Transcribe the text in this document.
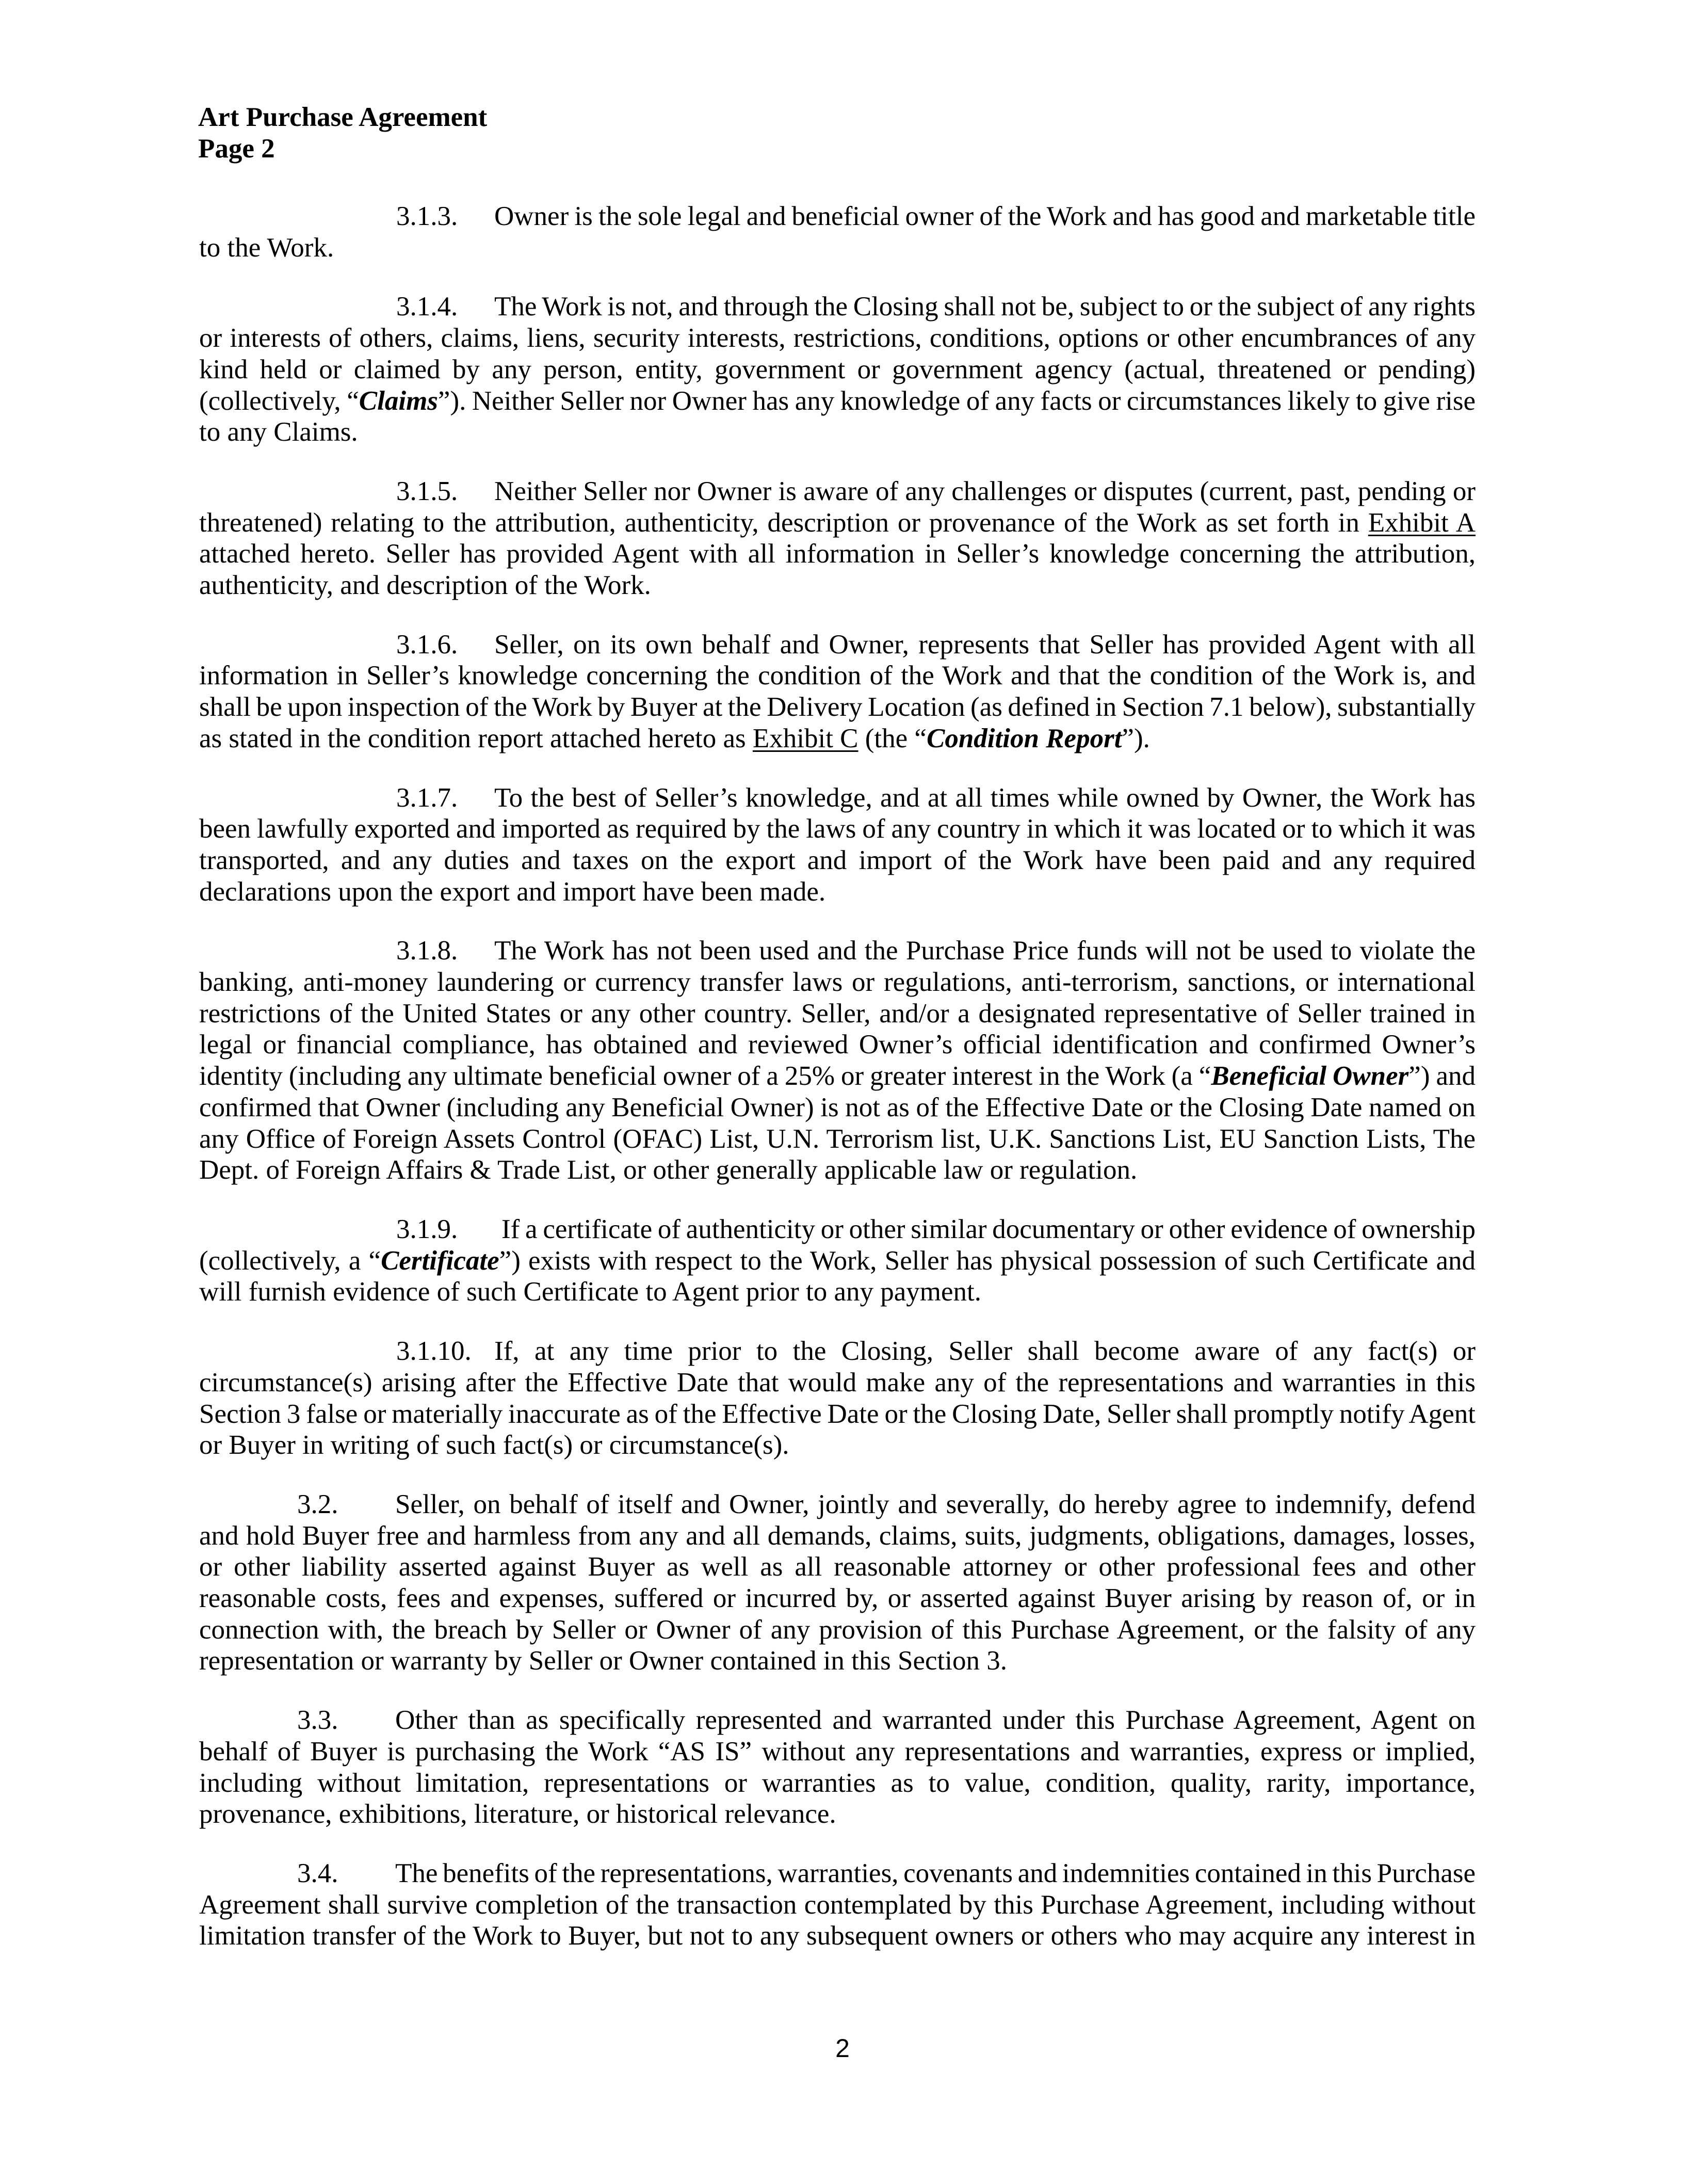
Art Purchase Agreement
Page 2
3.1.3. Owner is the sole legal and beneficial owner of the Work and has good and marketable title
to the Work.
3.1.4. The Work is not, and through the Closing shall not be, subject to or the subject of any rights
or interests of others, claims, liens, security interests, restrictions, conditions, options or other encumbrances of any
kind held or claimed by any person, entity, government or government agency (actual, threatened or pending)
(collectively, “Claims”). Neither Seller nor Owner has any knowledge of any facts or circumstances likely to give rise
to any Claims.
3.1.5. Neither Seller nor Owner is aware of any challenges or disputes (current, past, pending or
threatened) relating to the attribution, authenticity, description or provenance of the Work as set forth in Exhibit A
attached hereto. Seller has provided Agent with all information in Seller’s knowledge concerning the attribution,
authenticity, and description of the Work.
3.1.6. Seller, on its own behalf and Owner, represents that Seller has provided Agent with all
information in Seller’s knowledge concerning the condition of the Work and that the condition of the Work is, and
shall be upon inspection of the Work by Buyer at the Delivery Location (as defined in Section 7.1 below), substantially
as stated in the condition report attached hereto as Exhibit C (the “Condition Report”).
3.1.7. To the best of Seller’s knowledge, and at all times while owned by Owner, the Work has
been lawfully exported and imported as required by the laws of any country in which it was located or to which it was
transported, and any duties and taxes on the export and import of the Work have been paid and any required
declarations upon the export and import have been made.
3.1.8. The Work has not been used and the Purchase Price funds will not be used to violate the
banking, anti-money laundering or currency transfer laws or regulations, anti-terrorism, sanctions, or international
restrictions of the United States or any other country. Seller, and/or a designated representative of Seller trained in
legal or financial compliance, has obtained and reviewed Owner’s official identification and confirmed Owner’s
identity (including any ultimate beneficial owner of a 25% or greater interest in the Work (a “Beneficial Owner”) and
confirmed that Owner (including any Beneficial Owner) is not as of the Effective Date or the Closing Date named on
any Office of Foreign Assets Control (OFAC) List, U.N. Terrorism list, U.K. Sanctions List, EU Sanction Lists, The
Dept. of Foreign Affairs & Trade List, or other generally applicable law or regulation.
3.1.9. If a certificate of authenticity or other similar documentary or other evidence of ownership
(collectively, a “Certificate”) exists with respect to the Work, Seller has physical possession of such Certificate and
will furnish evidence of such Certificate to Agent prior to any payment.
3.1.10. If, at any time prior to the Closing, Seller shall become aware of any fact(s) or
circumstance(s) arising after the Effective Date that would make any of the representations and warranties in this
Section 3 false or materially inaccurate as of the Effective Date or the Closing Date, Seller shall promptly notify Agent
or Buyer in writing of such fact(s) or circumstance(s).
3.2. Seller, on behalf of itself and Owner, jointly and severally, do hereby agree to indemnify, defend
and hold Buyer free and harmless from any and all demands, claims, suits, judgments, obligations, damages, losses,
or other liability asserted against Buyer as well as all reasonable attorney or other professional fees and other
reasonable costs, fees and expenses, suffered or incurred by, or asserted against Buyer arising by reason of, or in
connection with, the breach by Seller or Owner of any provision of this Purchase Agreement, or the falsity of any
representation or warranty by Seller or Owner contained in this Section 3.
3.3. Other than as specifically represented and warranted under this Purchase Agreement, Agent on
behalf of Buyer is purchasing the Work “AS IS” without any representations and warranties, express or implied,
including without limitation, representations or warranties as to value, condition, quality, rarity, importance,
provenance, exhibitions, literature, or historical relevance.
3.4. The benefits of the representations, warranties, covenants and indemnities contained in this Purchase
Agreement shall survive completion of the transaction contemplated by this Purchase Agreement, including without
limitation transfer of the Work to Buyer, but not to any subsequent owners or others who may acquire any interest in
2
